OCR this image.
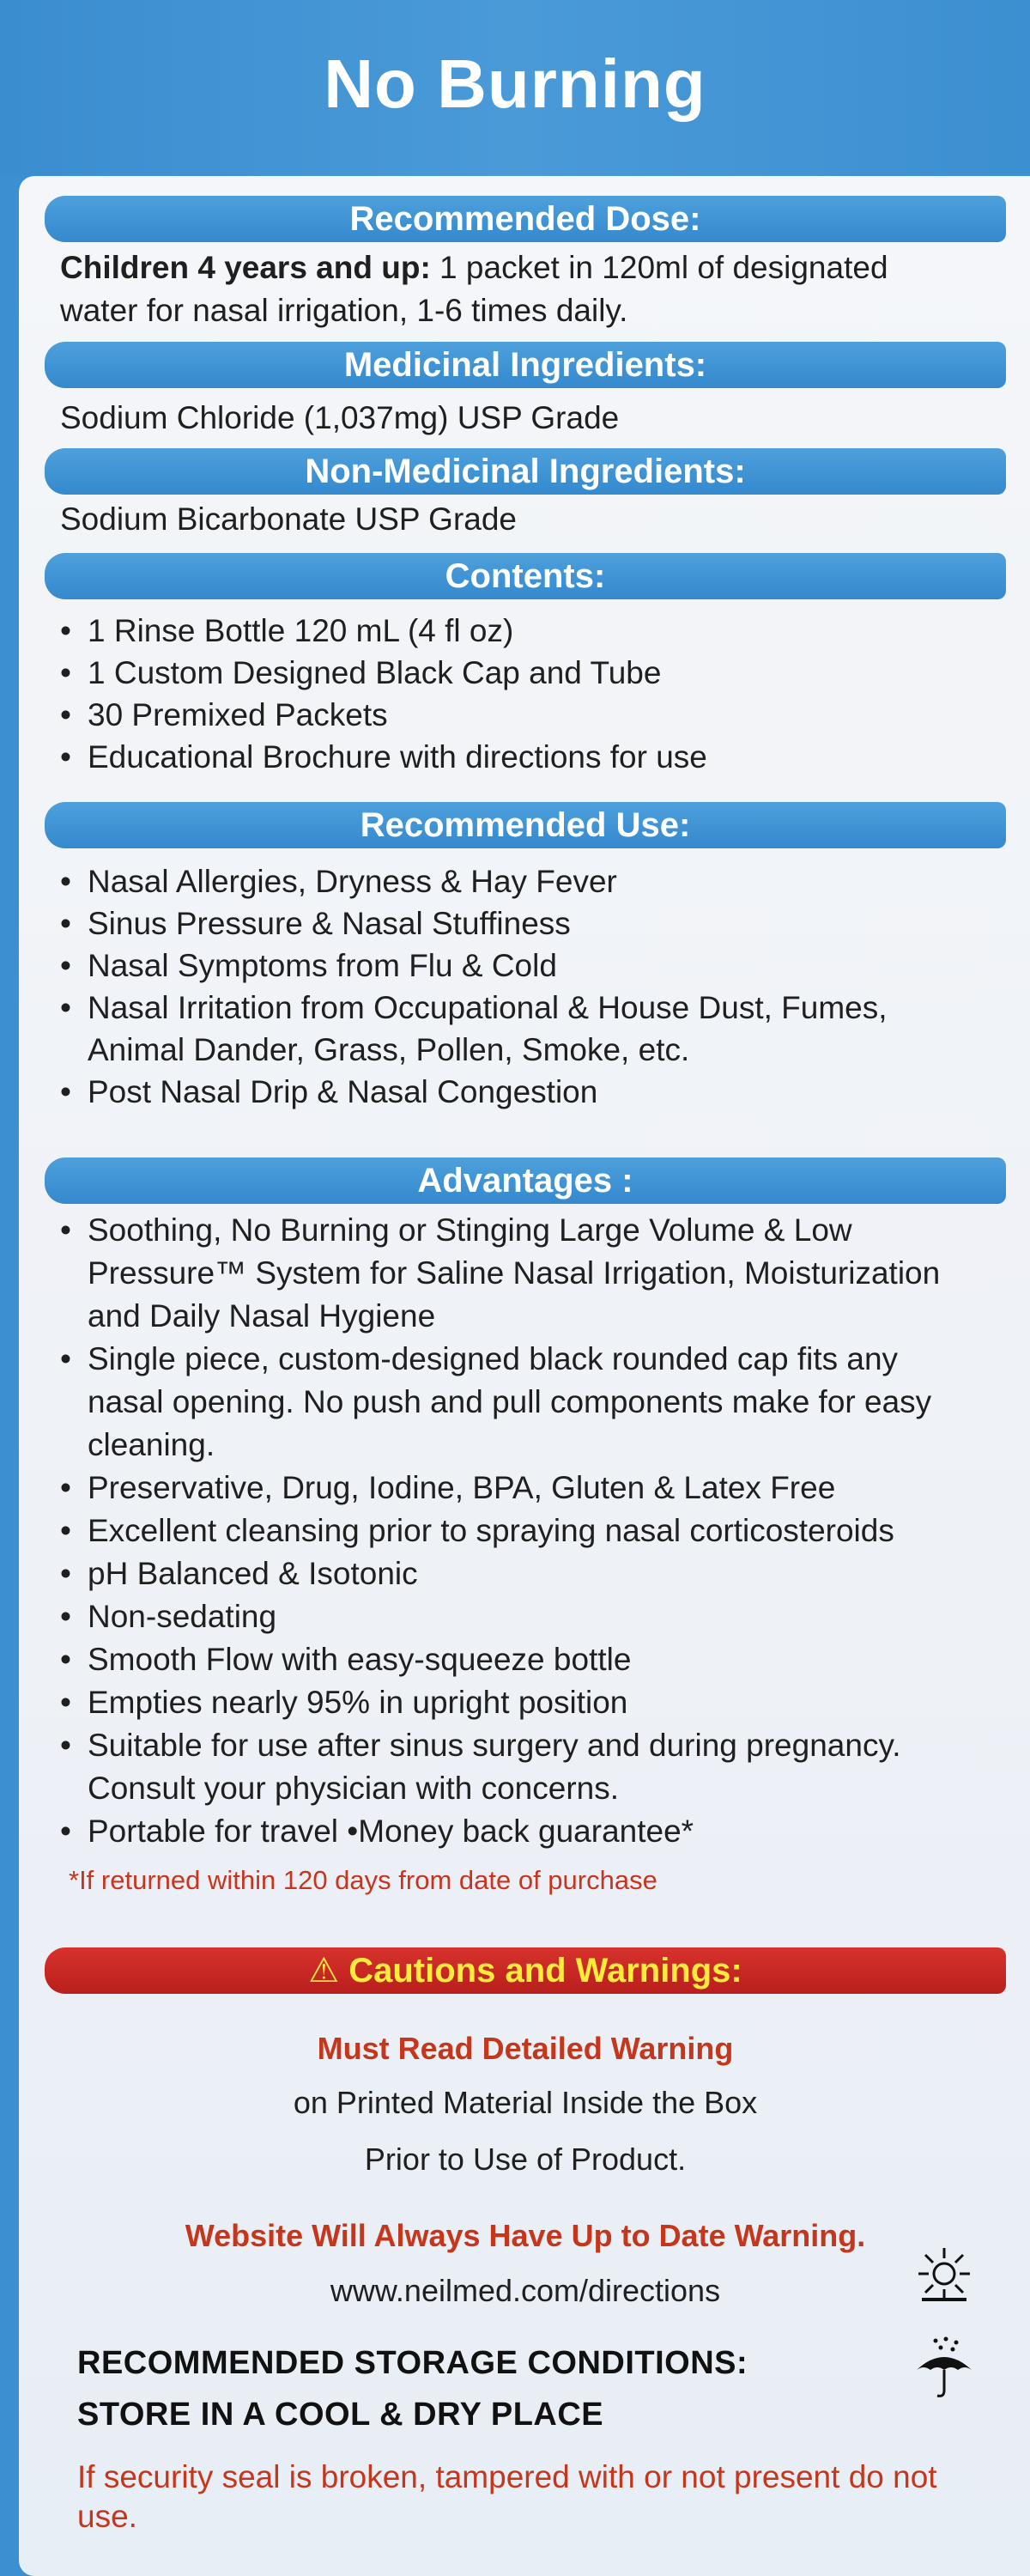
No Burning
Recommended Dose:
Children 4 years and up: 1 packet in 120ml of designated
water for nasal irrigation, 1-6 times daily.
Medicinal Ingredients:
Sodium Chloride (1,037mg) USP Grade
Non-Medicinal Ingredients:
Sodium Bicarbonate USP Grade
Contents:
• 1 Rinse Bottle 120 mL (4 fl oz)
• 1 Custom Designed Black Cap and Tube
• 30 Premixed Packets
• Educational Brochure with directions for use
Recommended Use:
• Nasal Allergies, Dryness & Hay Fever
• Sinus Pressure & Nasal Stuffiness
• Nasal Symptoms from Flu & Cold
• Nasal Irritation from Occupational & House Dust, Fumes, Animal Dander, Grass, Pollen, Smoke, etc.
• Post Nasal Drip & Nasal Congestion
Advantages :
• Soothing, No Burning or Stinging Large Volume & Low Pressure™ System for Saline Nasal Irrigation, Moisturization and Daily Nasal Hygiene
• Single piece, custom-designed black rounded cap fits any nasal opening. No push and pull components make for easy cleaning.
• Preservative, Drug, Iodine, BPA, Gluten & Latex Free
• Excellent cleansing prior to spraying nasal corticosteroids
• pH Balanced & Isotonic
• Non-sedating
• Smooth Flow with easy-squeeze bottle
• Empties nearly 95% in upright position
• Suitable for use after sinus surgery and during pregnancy. Consult your physician with concerns.
• Portable for travel •Money back guarantee*
*If returned within 120 days from date of purchase
⚠ Cautions and Warnings:
Must Read Detailed Warning
on Printed Material Inside the Box
Prior to Use of Product.
Website Will Always Have Up to Date Warning.
www.neilmed.com/directions
RECOMMENDED STORAGE CONDITIONS:
STORE IN A COOL & DRY PLACE
If security seal is broken, tampered with or not present do not use.
